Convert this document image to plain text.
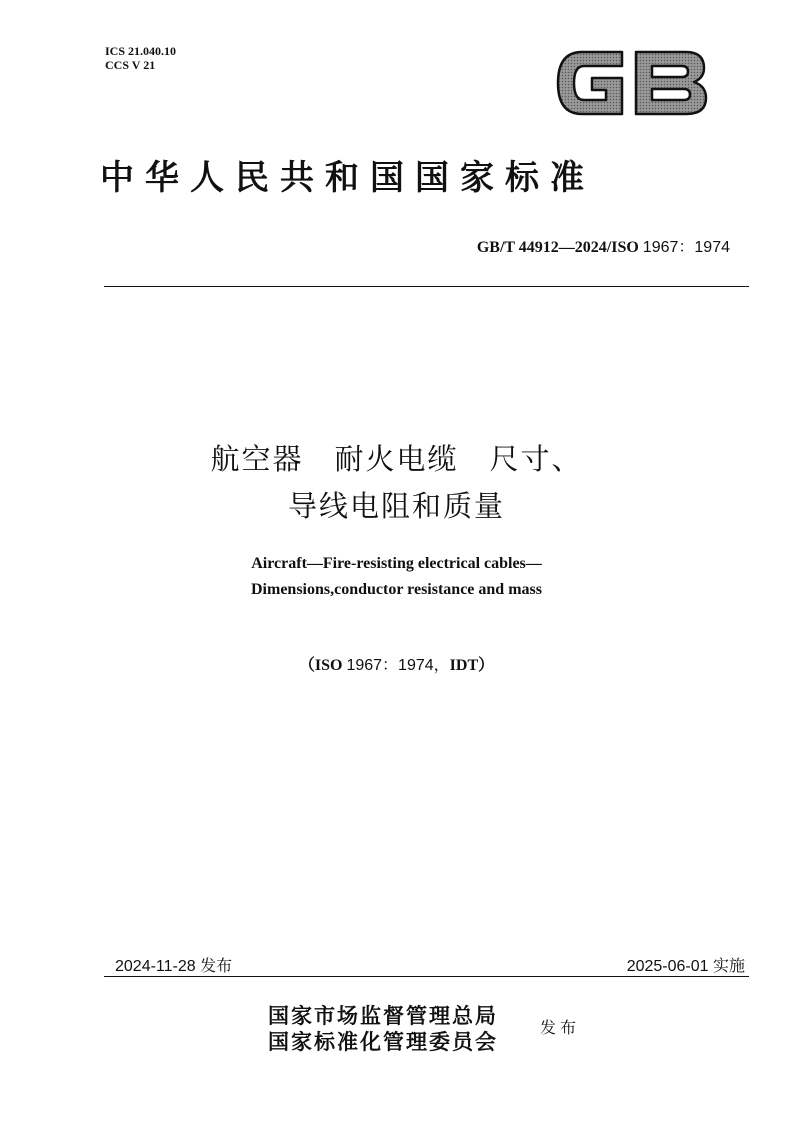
ICS 21.040.10
CCS V 21
GB
中华人民共和国国家标准
GB/T 44912—2024/ISO 1967：1974
航空器　耐火电缆　尺寸、
导线电阻和质量
Aircraft—Fire-resisting electrical cables—
Dimensions,conductor resistance and mass
（ISO 1967：1974，IDT）
2024-11-28 发布	2025-06-01 实施
国家市场监督管理总局
国家标准化管理委员会
发布
